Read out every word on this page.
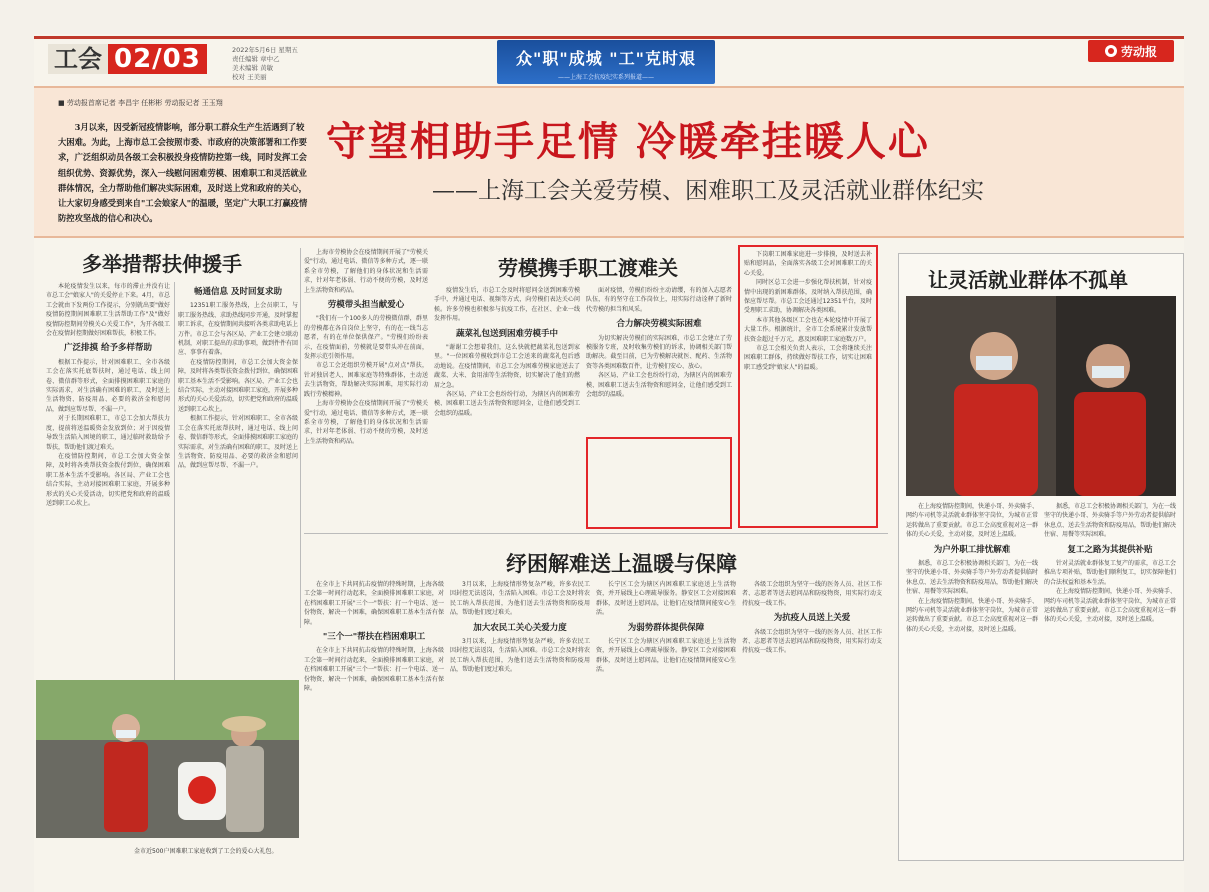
工会 02/03	2022年5月6日 星期五
责任编辑 章中乙
美术编辑 黄敏
校对 王美丽
众"职"成城 "工"克时艰
——上海工会抗疫纪实系列报道——
劳动报
■ 劳动报首席记者 李昌宇 任彬彬 劳动报记者 王玉翔
3月以来，因受新冠疫情影响，部分职工群众生产生活遇到了较大困难。为此，上海市总工会按照市委、市政府的决策部署和工作要求，广泛组织动员各级工会积极投身疫情防控第一线，同时发挥工会组织优势、资源优势，深入一线慰问困难劳模、困难职工和灵活就业群体情况，全力帮助他们解决实际困难，及时送上党和政府的关心，让大家切身感受到来自"工会娘家人"的温暖，坚定广大职工打赢疫情防控攻坚战的信心和决心。
守望相助手足情 冷暖牵挂暖人心
——上海工会关爱劳模、困难职工及灵活就业群体纪实
多举措帮扶伸援手

本轮疫情发生以来，每市的滞止并没有让市总工会"娘家人"的关爱停止下来。4月，市总工会就由下发两份工作提示，分别就出要"做好疫情防控期间困难职工生活帮助工作"及"做好疫情防控期间劳模关心关爱工作"，为开各级工会在疫情封控期做好困难帮扶，积极工作。

广泛排摸 给予多样帮助

根据工作提示，针对困难职工、全市各级工会在落实托底帮扶时，通过电话、线上问卷、微信群等形式，全面排摸困难职工家庭的实际需求，对生活确有困难的职工，及时送上生活物资、防疫用品、必要的救济金和慰问品，做到应帮尽帮、不漏一户。

对于长期困难职工，市总工会加大帮扶力度，提前将送温暖资金发放到位；对于因疫情导致生活陷入困境的职工，通过临时救助给予帮扶，帮助他们渡过难关。

在疫情防控期间，市总工会加大资金保障，及时将各类帮扶资金拨付到位，确保困难职工基本生活不受影响。各区局、产业工会也结合实际，主动对接困难职工家庭，开展多种形式的关心关爱活动，切实把党和政府的温暖送到职工心坎上。

畅通信息 及时回复求助

12351职工服务热线，上会员职工，与职工服务热线、求助热线同步开通，及时掌握职工诉求，在疫情期间共接听各类求助电话上万件。市总工会与各区局、产业工会建立联动机制，对职工提出的求助事项，做到件件有回应、事事有着落。

在疫情防控期间，市总工会加大资金保障，及时将各类帮扶资金拨付到位，确保困难职工基本生活不受影响。各区局、产业工会也结合实际，主动对接困难职工家庭，开展多种形式的关心关爱活动，切实把党和政府的温暖送到职工心坎上。

根据工作提示，针对困难职工、全市各级工会在落实托底帮扶时，通过电话、线上问卷、微信群等形式，全面排摸困难职工家庭的实际需求，对生活确有困难的职工，及时送上生活物资、防疫用品、必要的救济金和慰问品，做到应帮尽帮、不漏一户。

上海市劳模协会在疫情期间开展了"劳模关爱"行动，通过电话、微信等多种方式，逐一联系全市劳模，了解他们的身体状况和生活需求，针对年老体弱、行动不便的劳模，及时送上生活物资和药品。

劳模带头担当献爱心

"我们有一个100多人的劳模微信群，群里的劳模都在各自岗位上坚守，有的在一线当志愿者，有的在单位保供保产。"劳模们纷纷表示，在疫情面前，劳模就是要带头冲在前面，发挥示范引领作用。

市总工会还组织劳模开展"点对点"帮扶，针对独居老人、困难家庭等特殊群体，主动送去生活物资，帮助解决实际困难，用实际行动践行劳模精神。

上海市劳模协会在疫情期间开展了"劳模关爱"行动，通过电话、微信等多种方式，逐一联系全市劳模，了解他们的身体状况和生活需求，针对年老体弱、行动不便的劳模，及时送上生活物资和药品。

劳模携手职工渡难关

疫情发生后，市总工会及时将慰问金送到困难劳模手中，并通过电话、视频等方式，向劳模们表达关心问候。许多劳模也积极参与抗疫工作，在社区、企业一线发挥作用。

蔬菜礼包送到困难劳模手中

"谢谢工会想着我们，这么快就把蔬菜礼包送到家里。"一位困难劳模收到市总工会送来的蔬菜礼包后感动地说。在疫情期间，市总工会为困难劳模家庭送去了蔬菜、大米、食用油等生活物资，切实解决了他们的燃眉之急。

各区局、产业工会也纷纷行动，为辖区内的困难劳模、困难职工送去生活物资和慰问金，让他们感受到工会组织的温暖。

面对疫情，劳模们纷纷主动请缨，有的加入志愿者队伍，有的坚守在工作岗位上，用实际行动诠释了新时代劳模的担当和风采。

合力解决劳模实际困难

为切实解决劳模们的实际困难，市总工会建立了劳模服务专班，及时收集劳模们的诉求，协调相关部门帮助解决。截至目前，已为劳模解决就医、配药、生活物资等各类困难数百件，让劳模们安心、放心。

各区局、产业工会也纷纷行动，为辖区内的困难劳模、困难职工送去生活物资和慰问金，让他们感受到工会组织的温暖。

下岗职工困难家庭进一步排摸，及时送去补贴和慰问品，全面落实各级工会对困难职工的关心关爱。

同时区总工会进一步强化帮扶机制，针对疫情中出现的新困难群体，及时纳入帮扶范围，确保应帮尽帮。市总工会还通过12351平台，及时受理职工求助，协调解决各类困难。

本市其他各级区工会也在本轮疫情中开展了大量工作。根据统计，全市工会系统累计发放帮扶资金超过千万元，惠及困难职工家庭数万户。

市总工会相关负责人表示，工会将继续关注困难职工群体，持续做好帮扶工作，切实让困难职工感受到"娘家人"的温暖。

纾困解难送上温暖与保障

在全市上下共同抗击疫情的特殊时期，上海各级工会第一时间行动起来，全面摸排困难职工家庭，对在档困难职工开展"三个一"帮扶：打一个电话、送一份物资、解决一个困难，确保困难职工基本生活有保障。

"三个一"帮扶在档困难职工

在全市上下共同抗击疫情的特殊时期，上海各级工会第一时间行动起来，全面摸排困难职工家庭，对在档困难职工开展"三个一"帮扶：打一个电话、送一份物资、解决一个困难，确保困难职工基本生活有保障。

3月以来，上海疫情形势复杂严峻，许多农民工因封控无法返岗，生活陷入困难。市总工会及时将农民工纳入帮扶范围，为他们送去生活物资和防疫用品，帮助他们度过难关。

加大农民工关心关爱力度

3月以来，上海疫情形势复杂严峻，许多农民工因封控无法返岗，生活陷入困难。市总工会及时将农民工纳入帮扶范围，为他们送去生活物资和防疫用品，帮助他们度过难关。

长宁区工会为辖区内困难职工家庭送上生活物资，并开展线上心理疏导服务。静安区工会对接困难群体，及时送上慰问品，让他们在疫情期间能安心生活。

为弱势群体提供保障

长宁区工会为辖区内困难职工家庭送上生活物资，并开展线上心理疏导服务。静安区工会对接困难群体，及时送上慰问品，让他们在疫情期间能安心生活。

各级工会组织为坚守一线的医务人员、社区工作者、志愿者等送去慰问品和防疫物资，用实际行动支持抗疫一线工作。

为抗疫人员送上关爱

各级工会组织为坚守一线的医务人员、社区工作者、志愿者等送去慰问品和防疫物资，用实际行动支持抗疫一线工作。

金市近500户困难职工家庭收到了工会的爱心大礼包。
让灵活就业群体不孤单

在上海疫情防控期间，快递小哥、外卖骑手、网约车司机等灵活就业群体坚守岗位，为城市正常运转做出了重要贡献。市总工会高度重视对这一群体的关心关爱，主动对接，及时送上温暖。

为户外职工排忧解难

据悉，市总工会积极协调相关部门，为在一线坚守的快递小哥、外卖骑手等户外劳动者提供临时休息点、送去生活物资和防疫用品，帮助他们解决住宿、用餐等实际困难。

在上海疫情防控期间，快递小哥、外卖骑手、网约车司机等灵活就业群体坚守岗位，为城市正常运转做出了重要贡献。市总工会高度重视对这一群体的关心关爱，主动对接，及时送上温暖。

据悉，市总工会积极协调相关部门，为在一线坚守的快递小哥、外卖骑手等户外劳动者提供临时休息点、送去生活物资和防疫用品，帮助他们解决住宿、用餐等实际困难。

复工之路为其提供补贴

针对灵活就业群体复工复产的需求，市总工会推出专项补贴，帮助他们顺利复工，切实保障他们的合法权益和基本生活。

在上海疫情防控期间，快递小哥、外卖骑手、网约车司机等灵活就业群体坚守岗位，为城市正常运转做出了重要贡献。市总工会高度重视对这一群体的关心关爱，主动对接，及时送上温暖。
